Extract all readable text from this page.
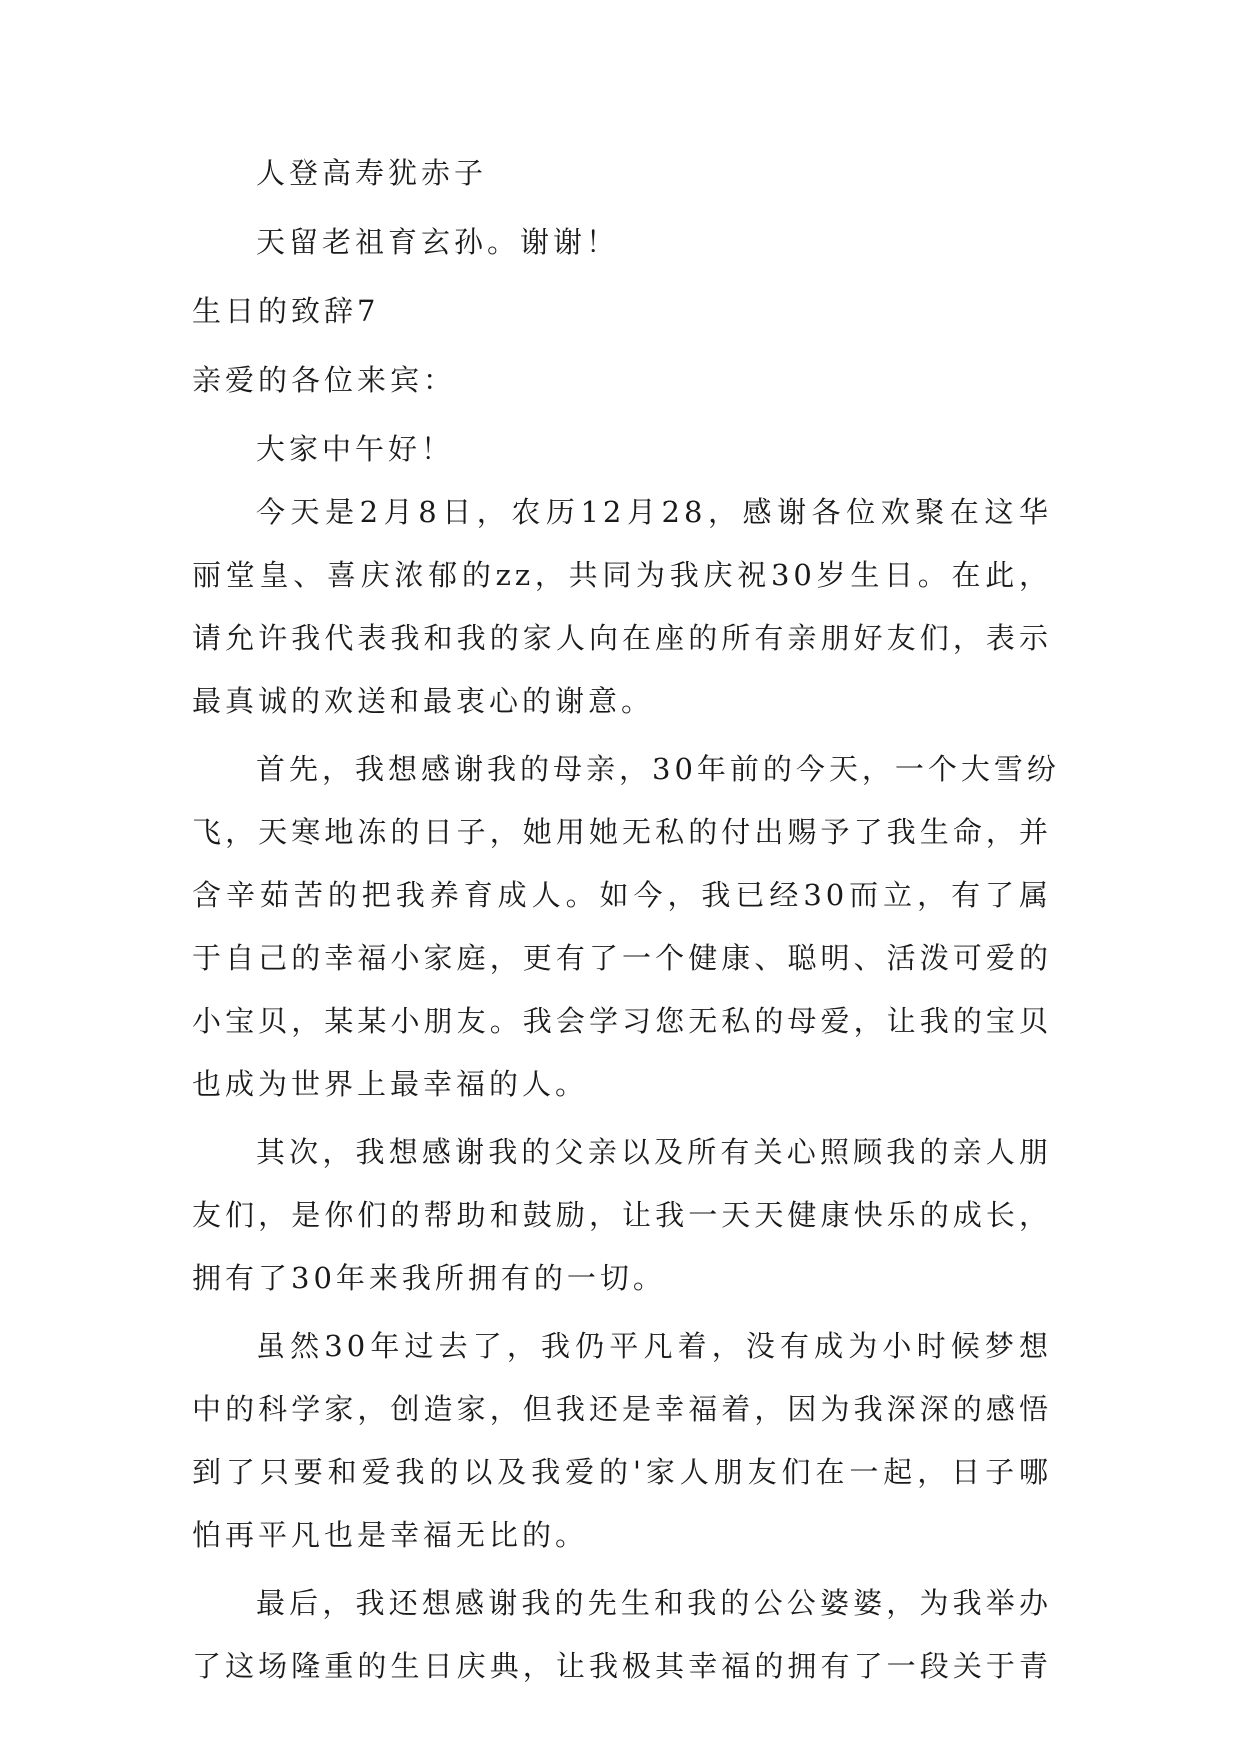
人登高寿犹赤子
天留老祖育玄孙。谢谢！
生日的致辞7
亲爱的各位来宾：
大家中午好！
今天是2月8日，农历12月28，感谢各位欢聚在这华
丽堂皇、喜庆浓郁的zz，共同为我庆祝30岁生日。在此，
请允许我代表我和我的家人向在座的所有亲朋好友们，表示
最真诚的欢送和最衷心的谢意。
首先，我想感谢我的母亲，30年前的今天，一个大雪纷
飞，天寒地冻的日子，她用她无私的付出赐予了我生命，并
含辛茹苦的把我养育成人。如今，我已经30而立，有了属
于自己的幸福小家庭，更有了一个健康、聪明、活泼可爱的
小宝贝，某某小朋友。我会学习您无私的母爱，让我的宝贝
也成为世界上最幸福的人。
其次，我想感谢我的父亲以及所有关心照顾我的亲人朋
友们，是你们的帮助和鼓励，让我一天天健康快乐的成长，
拥有了30年来我所拥有的一切。
虽然30年过去了，我仍平凡着，没有成为小时候梦想
中的科学家，创造家，但我还是幸福着，因为我深深的感悟
到了只要和爱我的以及我爱的'家人朋友们在一起，日子哪
怕再平凡也是幸福无比的。
最后，我还想感谢我的先生和我的公公婆婆，为我举办
了这场隆重的生日庆典，让我极其幸福的拥有了一段关于青
